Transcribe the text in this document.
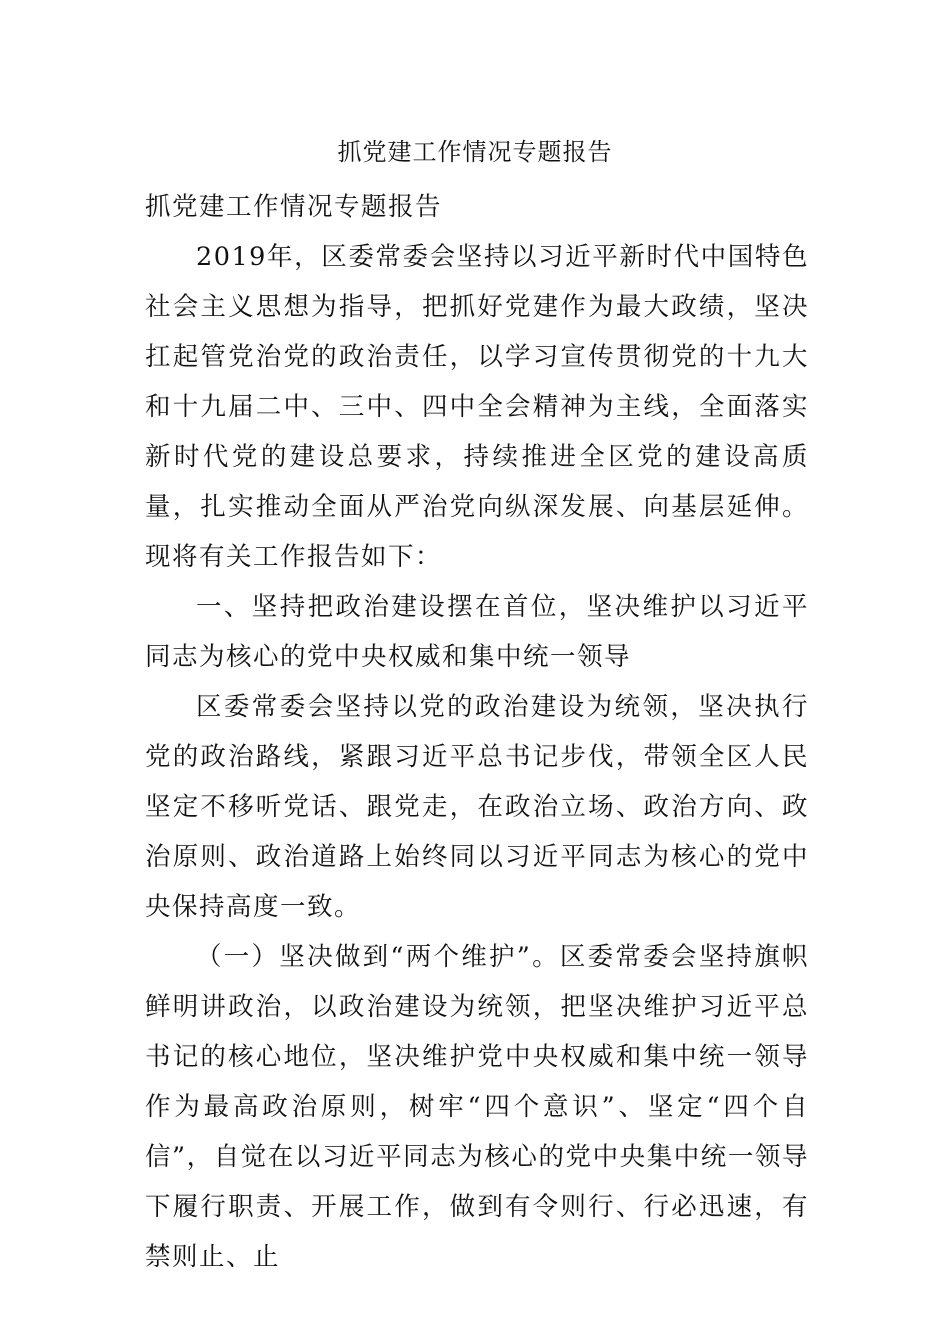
抓党建工作情况专题报告

抓党建工作情况专题报告

2019年，区委常委会坚持以习近平新时代中国特色社会主义思想为指导，把抓好党建作为最大政绩，坚决扛起管党治党的政治责任，以学习宣传贯彻党的十九大和十九届二中、三中、四中全会精神为主线，全面落实新时代党的建设总要求，持续推进全区党的建设高质量，扎实推动全面从严治党向纵深发展、向基层延伸。现将有关工作报告如下：

一、坚持把政治建设摆在首位，坚决维护以习近平同志为核心的党中央权威和集中统一领导

区委常委会坚持以党的政治建设为统领，坚决执行党的政治路线，紧跟习近平总书记步伐，带领全区人民坚定不移听党话、跟党走，在政治立场、政治方向、政治原则、政治道路上始终同以习近平同志为核心的党中央保持高度一致。

（一）坚决做到“两个维护”。区委常委会坚持旗帜鲜明讲政治，以政治建设为统领，把坚决维护习近平总书记的核心地位，坚决维护党中央权威和集中统一领导作为最高政治原则，树牢“四个意识”、坚定“四个自信”，自觉在以习近平同志为核心的党中央集中统一领导下履行职责、开展工作，做到有令则行、行必迅速，有禁则止、止
